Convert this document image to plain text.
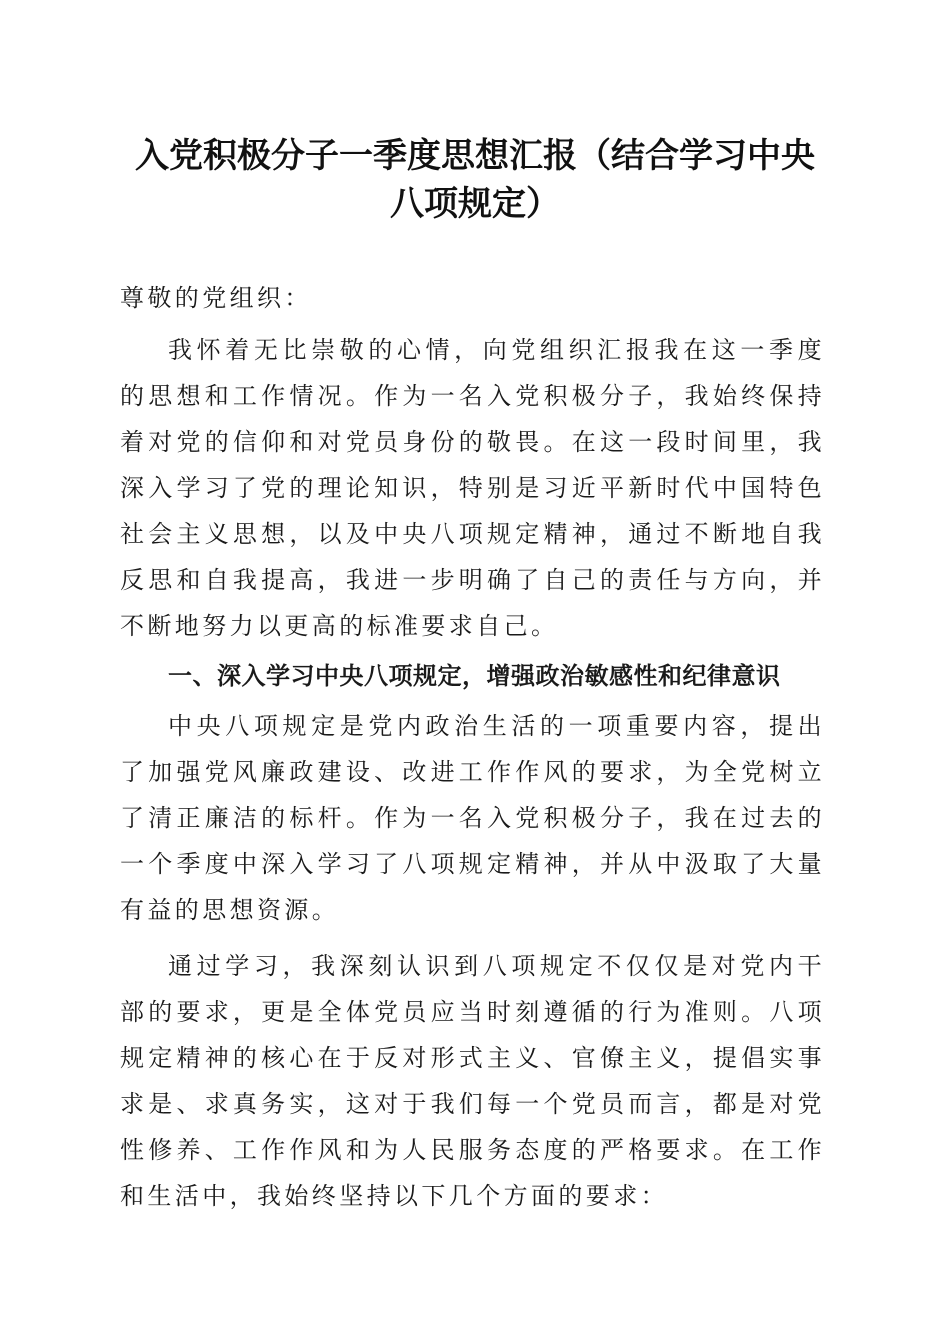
入党积极分子一季度思想汇报（结合学习中央
八项规定）

尊敬的党组织：

我怀着无比崇敬的心情，向党组织汇报我在这一季度的思想和工作情况。作为一名入党积极分子，我始终保持着对党的信仰和对党员身份的敬畏。在这一段时间里，我深入学习了党的理论知识，特别是习近平新时代中国特色社会主义思想，以及中央八项规定精神，通过不断地自我反思和自我提高，我进一步明确了自己的责任与方向，并不断地努力以更高的标准要求自己。

一、深入学习中央八项规定，增强政治敏感性和纪律意识

中央八项规定是党内政治生活的一项重要内容，提出了加强党风廉政建设、改进工作作风的要求，为全党树立了清正廉洁的标杆。作为一名入党积极分子，我在过去的一个季度中深入学习了八项规定精神，并从中汲取了大量有益的思想资源。

通过学习，我深刻认识到八项规定不仅仅是对党内干部的要求，更是全体党员应当时刻遵循的行为准则。八项规定精神的核心在于反对形式主义、官僚主义，提倡实事求是、求真务实，这对于我们每一个党员而言，都是对党性修养、工作作风和为人民服务态度的严格要求。在工作和生活中，我始终坚持以下几个方面的要求：
